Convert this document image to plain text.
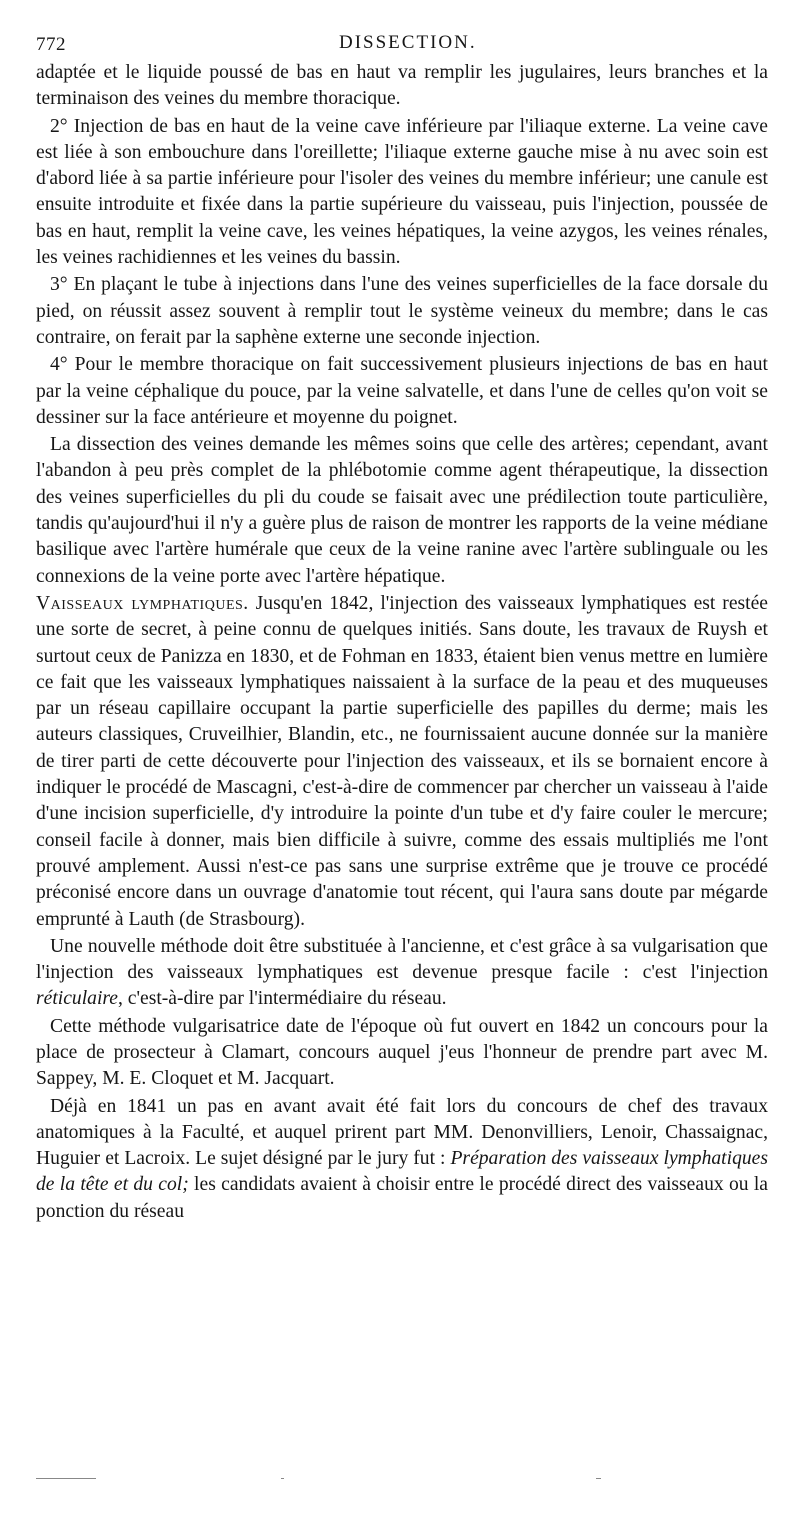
772	DISSECTION.

adaptée et le liquide poussé de bas en haut va remplir les jugulaires, leurs branches et la terminaison des veines du membre thoracique.

2° Injection de bas en haut de la veine cave inférieure par l'iliaque externe. La veine cave est liée à son embouchure dans l'oreillette; l'iliaque externe gauche mise à nu avec soin est d'abord liée à sa partie inférieure pour l'isoler des veines du membre inférieur; une canule est ensuite introduite et fixée dans la partie supérieure du vaisseau, puis l'injection, poussée de bas en haut, remplit la veine cave, les veines hépatiques, la veine azygos, les veines rénales, les veines rachidiennes et les veines du bassin.

3° En plaçant le tube à injections dans l'une des veines superficielles de la face dorsale du pied, on réussit assez souvent à remplir tout le système veineux du membre; dans le cas contraire, on ferait par la saphène externe une seconde injection.

4° Pour le membre thoracique on fait successivement plusieurs injections de bas en haut par la veine céphalique du pouce, par la veine salvatelle, et dans l'une de celles qu'on voit se dessiner sur la face antérieure et moyenne du poignet.

La dissection des veines demande les mêmes soins que celle des artères; cependant, avant l'abandon à peu près complet de la phlébotomie comme agent thérapeutique, la dissection des veines superficielles du pli du coude se faisait avec une prédilection toute particulière, tandis qu'aujourd'hui il n'y a guère plus de raison de montrer les rapports de la veine médiane basilique avec l'artère humérale que ceux de la veine ranine avec l'artère sublinguale ou les connexions de la veine porte avec l'artère hépatique.

Vaisseaux lymphatiques. Jusqu'en 1842, l'injection des vaisseaux lymphatiques est restée une sorte de secret, à peine connu de quelques initiés. Sans doute, les travaux de Ruysh et surtout ceux de Panizza en 1830, et de Fohman en 1833, étaient bien venus mettre en lumière ce fait que les vaisseaux lymphatiques naissaient à la surface de la peau et des muqueuses par un réseau capillaire occupant la partie superficielle des papilles du derme; mais les auteurs classiques, Cruveilhier, Blandin, etc., ne fournissaient aucune donnée sur la manière de tirer parti de cette découverte pour l'injection des vaisseaux, et ils se bornaient encore à indiquer le procédé de Mascagni, c'est-à-dire de commencer par chercher un vaisseau à l'aide d'une incision superficielle, d'y introduire la pointe d'un tube et d'y faire couler le mercure; conseil facile à donner, mais bien difficile à suivre, comme des essais multipliés me l'ont prouvé amplement. Aussi n'est-ce pas sans une surprise extrême que je trouve ce procédé préconisé encore dans un ouvrage d'anatomie tout récent, qui l'aura sans doute par mégarde emprunté à Lauth (de Strasbourg).

Une nouvelle méthode doit être substituée à l'ancienne, et c'est grâce à sa vulgarisation que l'injection des vaisseaux lymphatiques est devenue presque facile : c'est l'injection réticulaire, c'est-à-dire par l'intermédiaire du réseau.

Cette méthode vulgarisatrice date de l'époque où fut ouvert en 1842 un concours pour la place de prosecteur à Clamart, concours auquel j'eus l'honneur de prendre part avec M. Sappey, M. E. Cloquet et M. Jacquart.

Déjà en 1841 un pas en avant avait été fait lors du concours de chef des travaux anatomiques à la Faculté, et auquel prirent part MM. Denonvilliers, Lenoir, Chassaignac, Huguier et Lacroix. Le sujet désigné par le jury fut : Préparation des vaisseaux lymphatiques de la tête et du col; les candidats avaient à choisir entre le procédé direct des vaisseaux ou la ponction du réseau
